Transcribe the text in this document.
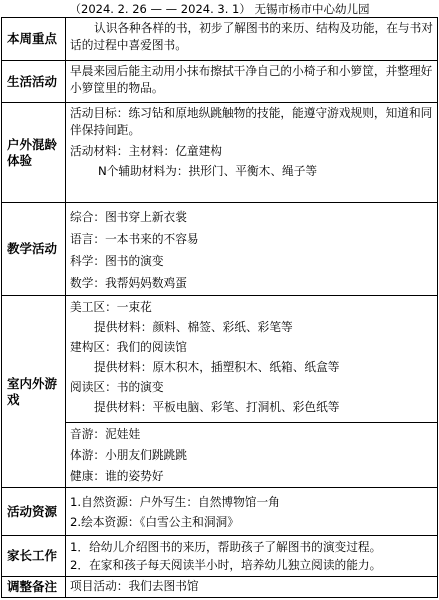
（2024. 2. 26 — — 2024. 3. 1） 无锡市杨市中心幼儿园
本周重点
认识各种各样的书，初步了解图书的来历、结构及功能，在与书对话的过程中喜爱图书。
生活活动
早晨来园后能主动用小抹布擦拭干净自己的小椅子和小箩筐，并整理好小箩筐里的物品。
户外混龄体验
活动目标：练习钻和原地纵跳触物的技能，能遵守游戏规则，知道和同伴保持间距。
活动材料：主材料：亿童建构
N个辅助材料为：拱形门、平衡木、绳子等
教学活动
综合：图书穿上新衣裳
语言：一本书来的不容易
科学：图书的演变
数学：我帮妈妈数鸡蛋
室内外游戏
美工区：一束花
提供材料：颜料、棉签、彩纸、彩笔等
建构区：我们的阅读馆
提供材料：原木积木，插塑积木、纸箱、纸盒等
阅读区：书的演变
提供材料：平板电脑、彩笔、打洞机、彩色纸等
音游：泥娃娃
体游：小朋友们跳跳跳
健康：谁的姿势好
活动资源
1.自然资源：户外写生：自然博物馆一角
2.绘本资源：《白雪公主和洞洞》
家长工作
1．给幼儿介绍图书的来历，帮助孩子了解图书的演变过程。
2．在家和孩子每天阅读半小时，培养幼儿独立阅读的能力。
调整备注	项目活动：我们去图书馆
